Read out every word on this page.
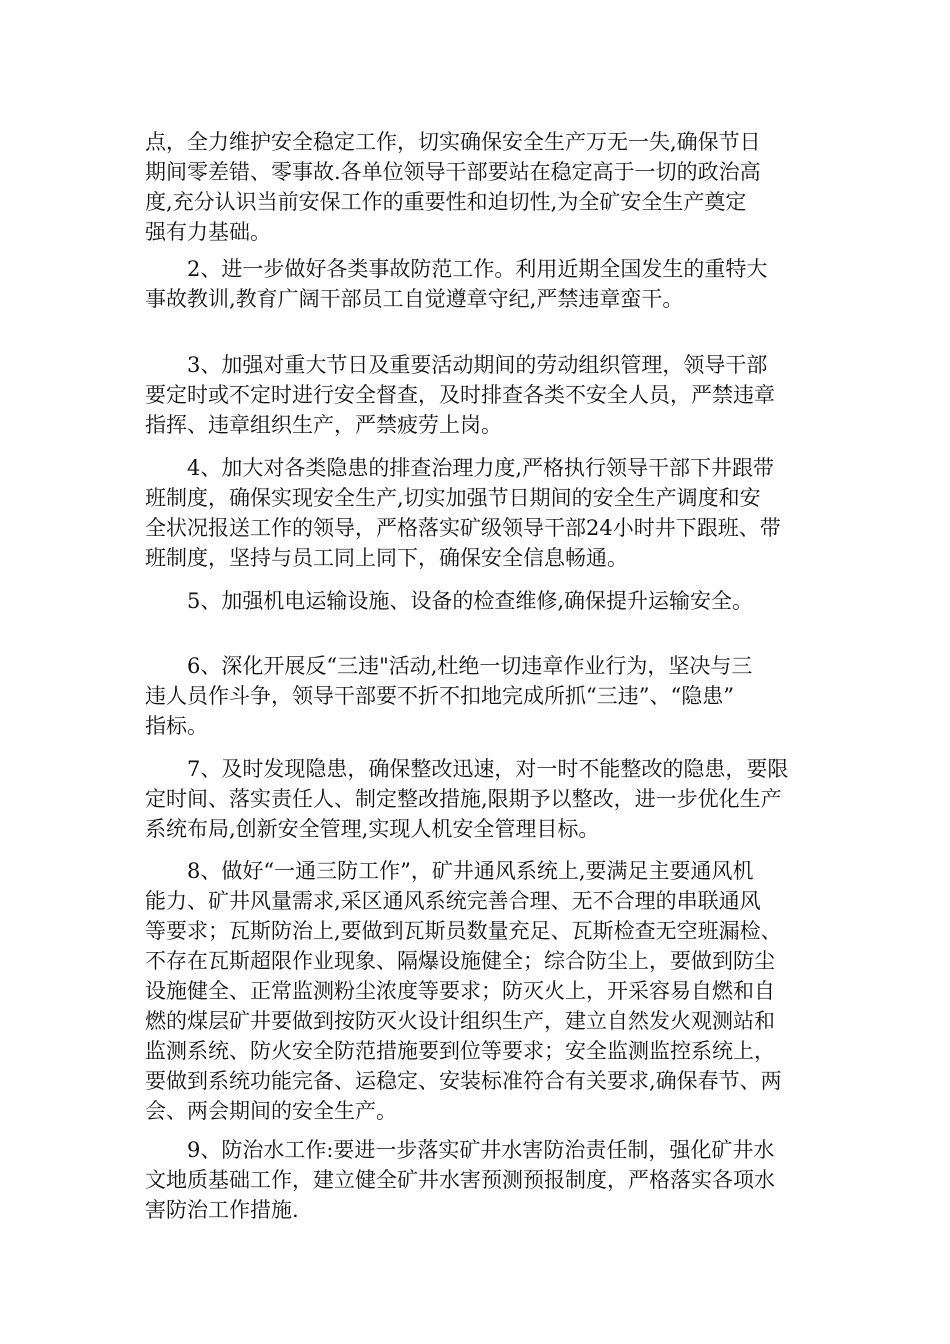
点，全力维护安全稳定工作，切实确保安全生产万无一失,确保节日
期间零差错、零事故.各单位领导干部要站在稳定高于一切的政治高
度,充分认识当前安保工作的重要性和迫切性,为全矿安全生产奠定
强有力基础。
2、进一步做好各类事故防范工作。利用近期全国发生的重特大
事故教训,教育广阔干部员工自觉遵章守纪,严禁违章蛮干。
3、加强对重大节日及重要活动期间的劳动组织管理，领导干部
要定时或不定时进行安全督查，及时排查各类不安全人员，严禁违章
指挥、违章组织生产，严禁疲劳上岗。
4、加大对各类隐患的排查治理力度,严格执行领导干部下井跟带
班制度，确保实现安全生产,切实加强节日期间的安全生产调度和安
全状况报送工作的领导，严格落实矿级领导干部24小时井下跟班、带
班制度，坚持与员工同上同下，确保安全信息畅通。
5、加强机电运输设施、设备的检查维修,确保提升运输安全。
6、深化开展反“三违"活动,杜绝一切违章作业行为，坚决与三
违人员作斗争，领导干部要不折不扣地完成所抓“三违”、“隐患”
指标。
7、及时发现隐患，确保整改迅速，对一时不能整改的隐患，要限
定时间、落实责任人、制定整改措施,限期予以整改，进一步优化生产
系统布局,创新安全管理,实现人机安全管理目标。
8、做好“一通三防工作”，矿井通风系统上,要满足主要通风机
能力、矿井风量需求,采区通风系统完善合理、无不合理的串联通风
等要求；瓦斯防治上,要做到瓦斯员数量充足、瓦斯检查无空班漏检、
不存在瓦斯超限作业现象、隔爆设施健全；综合防尘上，要做到防尘
设施健全、正常监测粉尘浓度等要求；防灭火上，开采容易自燃和自
燃的煤层矿井要做到按防灭火设计组织生产，建立自然发火观测站和
监测系统、防火安全防范措施要到位等要求；安全监测监控系统上，
要做到系统功能完备、运稳定、安装标准符合有关要求,确保春节、两
会、两会期间的安全生产。
9、防治水工作:要进一步落实矿井水害防治责任制，强化矿井水
文地质基础工作，建立健全矿井水害预测预报制度，严格落实各项水
害防治工作措施.
